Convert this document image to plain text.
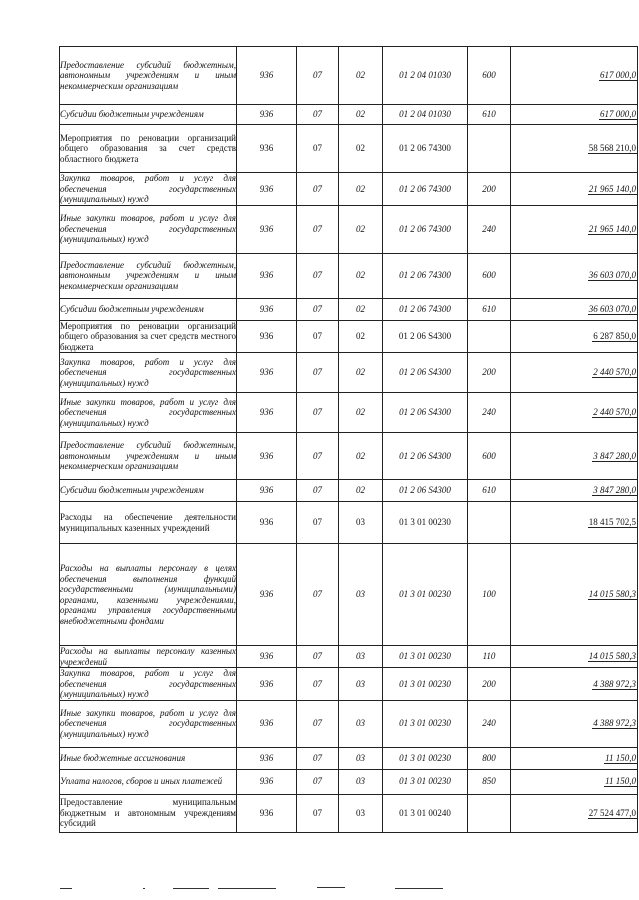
Предоставление субсидий бюджетным, автономным учреждениям и иным некоммерческим организациям	936	07	02	01 2 04 01030	600	617 000,0
Субсидии бюджетным учреждениям	936	07	02	01 2 04 01030	610	617 000,0
Мероприятия по реновации организаций общего образования за счет средств областного бюджета	936	07	02	01 2 06 74300		58 568 210,0
Закупка товаров, работ и услуг для обеспечения государственных (муниципальных) нужд	936	07	02	01 2 06 74300	200	21 965 140,0
Иные закупки товаров, работ и услуг для обеспечения государственных (муниципальных) нужд	936	07	02	01 2 06 74300	240	21 965 140,0
Предоставление субсидий бюджетным, автономным учреждениям и иным некоммерческим организациям	936	07	02	01 2 06 74300	600	36 603 070,0
Субсидии бюджетным учреждениям	936	07	02	01 2 06 74300	610	36 603 070,0
Мероприятия по реновации организаций общего образования за счет средств местного бюджета	936	07	02	01 2 06 S4300		6 287 850,0
Закупка товаров, работ и услуг для обеспечения государственных (муниципальных) нужд	936	07	02	01 2 06 S4300	200	2 440 570,0
Иные закупки товаров, работ и услуг для обеспечения государственных (муниципальных) нужд	936	07	02	01 2 06 S4300	240	2 440 570,0
Предоставление субсидий бюджетным, автономным учреждениям и иным некоммерческим организациям	936	07	02	01 2 06 S4300	600	3 847 280,0
Субсидии бюджетным учреждениям	936	07	02	01 2 06 S4300	610	3 847 280,0
Расходы на обеспечение деятельности муниципальных казенных учреждений	936	07	03	01 3 01 00230		18 415 702,5
Расходы на выплаты персоналу в целях обеспечения выполнения функций государственными (муниципальными) органами, казенными учреждениями, органами управления государственными внебюджетными фондами	936	07	03	01 3 01 00230	100	14 015 580,3
Расходы на выплаты персоналу казенных учреждений	936	07	03	01 3 01 00230	110	14 015 580,3
Закупка товаров, работ и услуг для обеспечения государственных (муниципальных) нужд	936	07	03	01 3 01 00230	200	4 388 972,3
Иные закупки товаров, работ и услуг для обеспечения государственных (муниципальных) нужд	936	07	03	01 3 01 00230	240	4 388 972,3
Иные бюджетные ассигнования	936	07	03	01 3 01 00230	800	11 150,0
Уплата налогов, сборов и иных платежей	936	07	03	01 3 01 00230	850	11 150,0
Предоставление муниципальным бюджетным и автономным учреждениям субсидий	936	07	03	01 3 01 00240		27 524 477,0
